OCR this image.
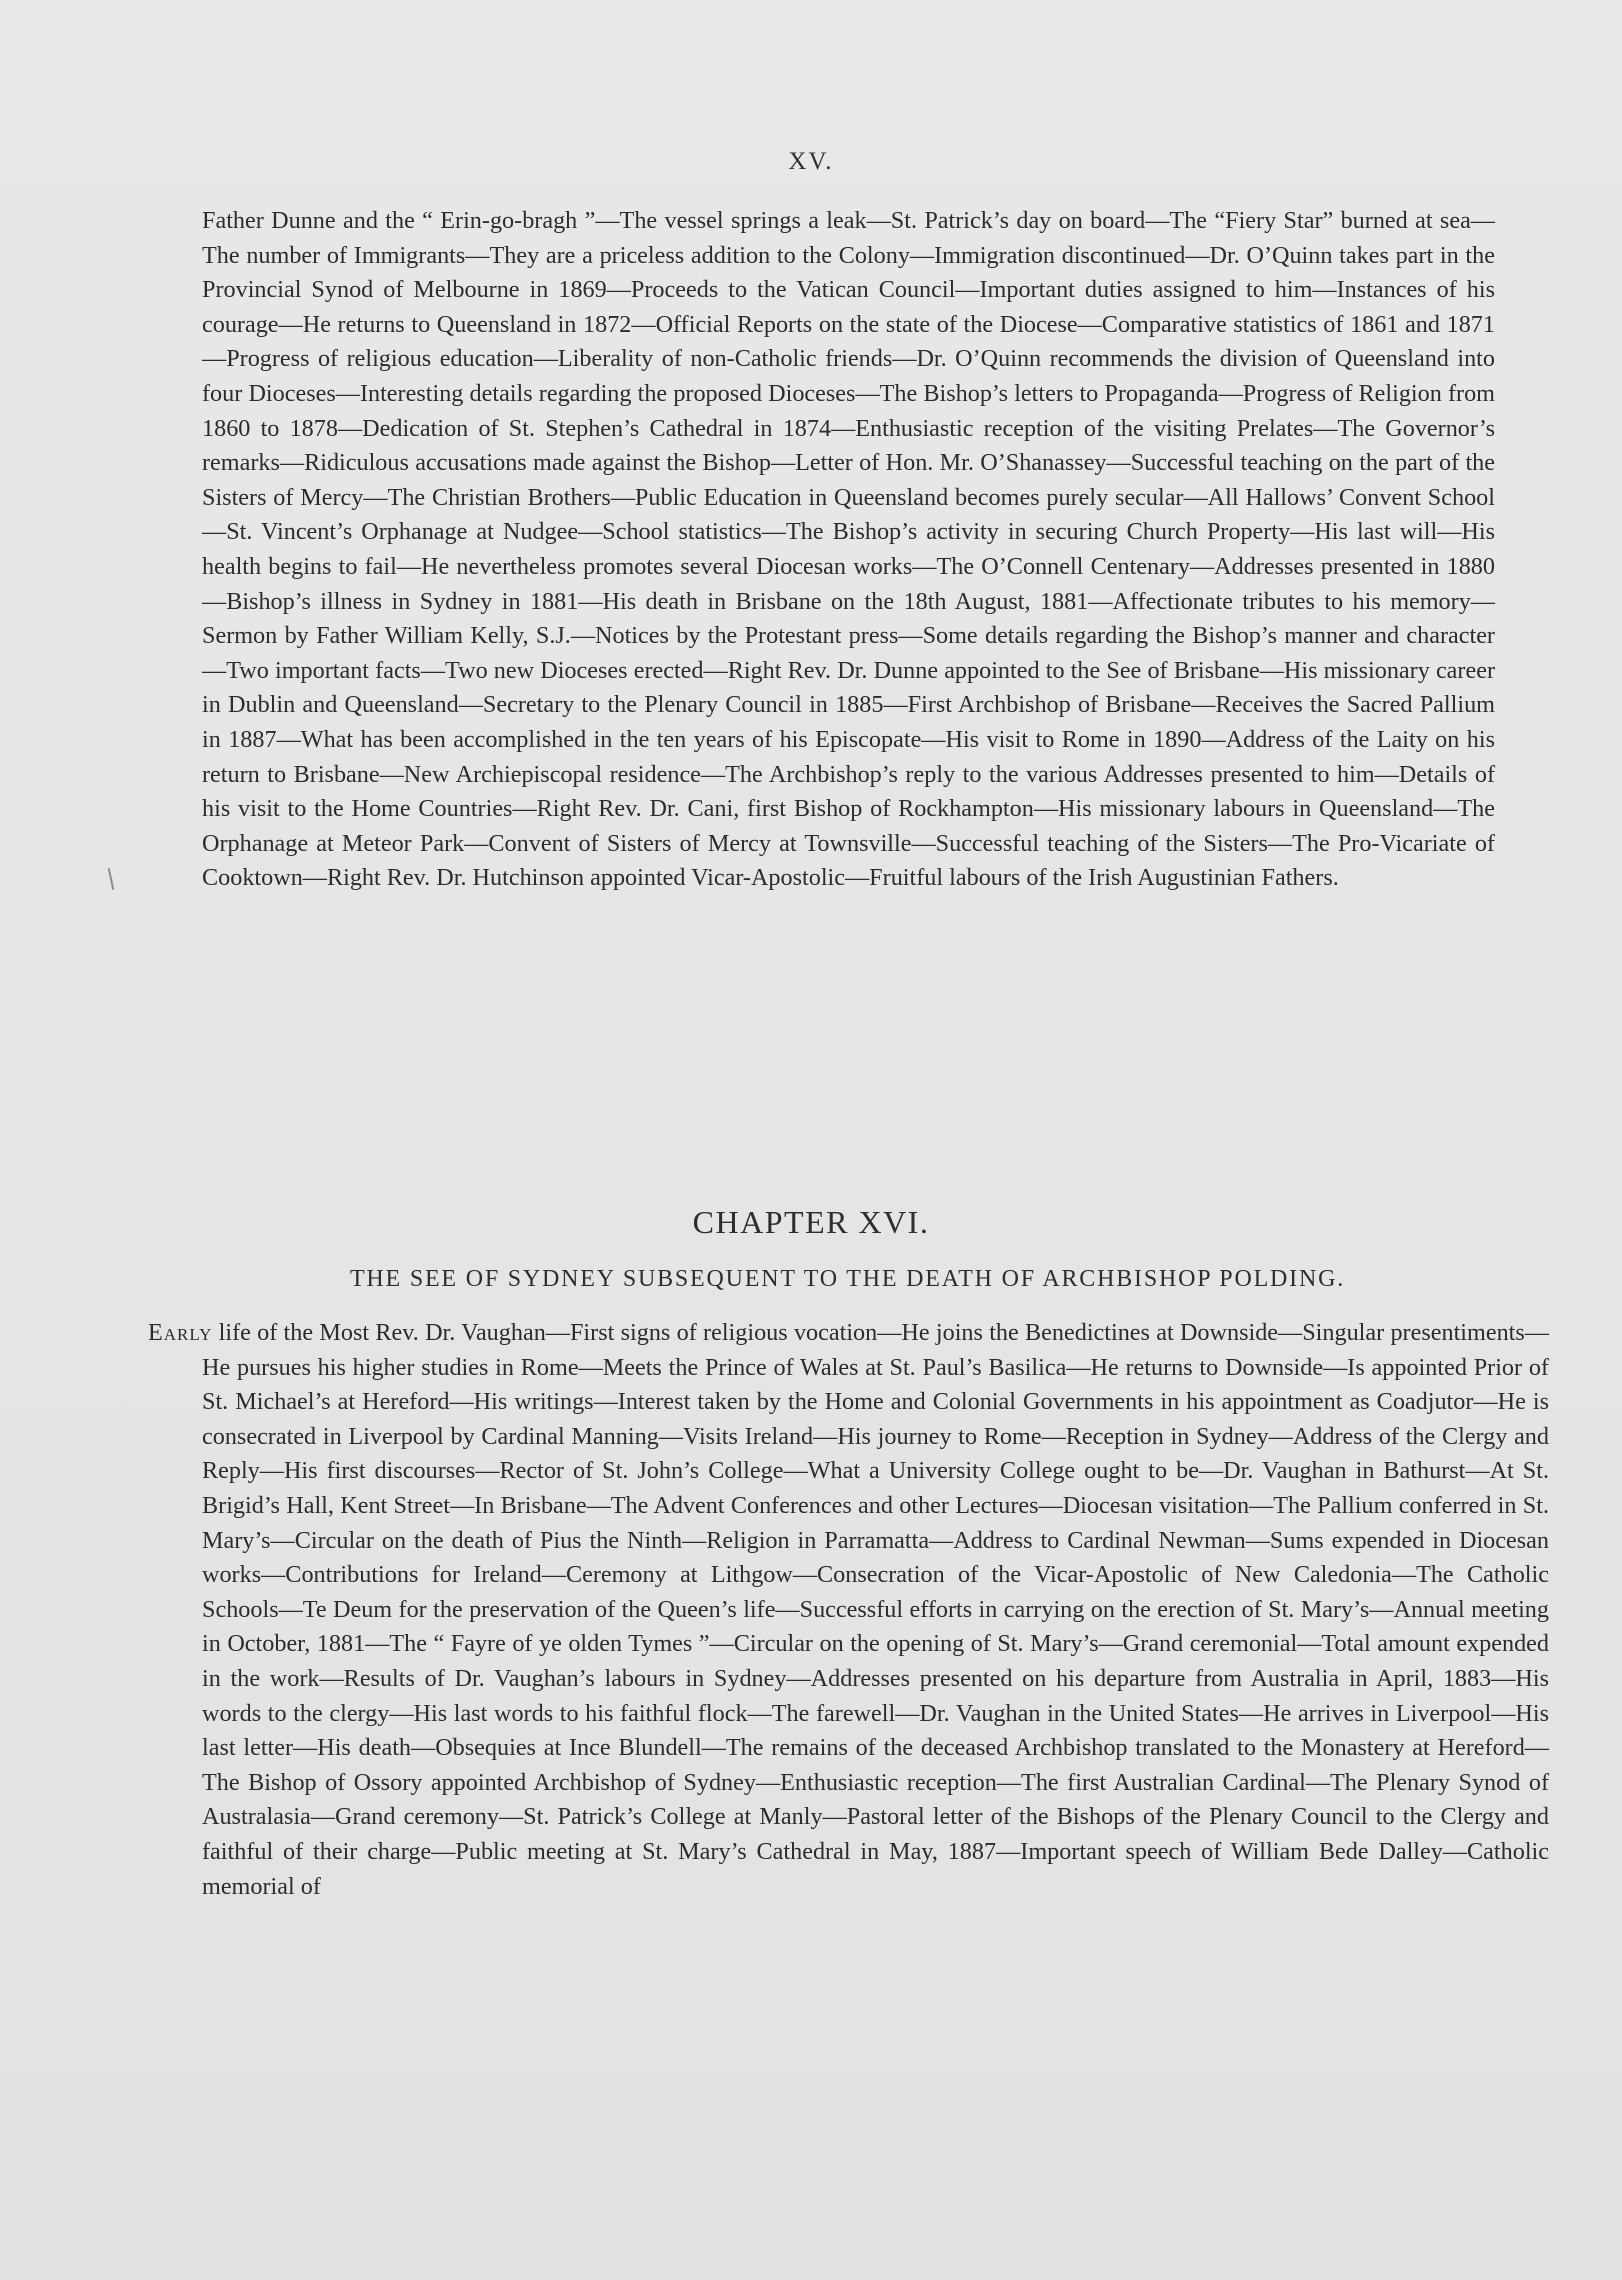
XV.

Father Dunne and the “ Erin-go-bragh ”—The vessel springs a leak—St. Patrick’s day on board—The “Fiery Star” burned at sea—The number of Immigrants—They are a priceless addition to the Colony—Immigration discontinued—Dr. O’Quinn takes part in the Provincial Synod of Melbourne in 1869—Proceeds to the Vatican Council—Important duties assigned to him—Instances of his courage—He returns to Queensland in 1872—Official Reports on the state of the Diocese—Comparative statistics of 1861 and 1871—Progress of religious education—Liberality of non-Catholic friends—Dr. O’Quinn recommends the division of Queensland into four Dioceses—Interesting details regarding the proposed Dioceses—The Bishop’s letters to Propaganda—Progress of Religion from 1860 to 1878—Dedication of St. Stephen’s Cathedral in 1874—Enthusiastic reception of the visiting Prelates—The Governor’s remarks—Ridiculous accusations made against the Bishop—Letter of Hon. Mr. O’Shanassey—Successful teaching on the part of the Sisters of Mercy—The Christian Brothers—Public Education in Queensland becomes purely secular—All Hallows’ Convent School—St. Vincent’s Orphanage at Nudgee—School statistics—The Bishop’s activity in securing Church Property—His last will—His health begins to fail—He nevertheless promotes several Diocesan works—The O’Connell Centenary—Addresses presented in 1880—Bishop’s illness in Sydney in 1881—His death in Brisbane on the 18th August, 1881—Affectionate tributes to his memory—Sermon by Father William Kelly, S.J.—Notices by the Protestant press—Some details regarding the Bishop’s manner and character—Two important facts—Two new Dioceses erected—Right Rev. Dr. Dunne appointed to the See of Brisbane—His missionary career in Dublin and Queensland—Secretary to the Plenary Council in 1885—First Archbishop of Brisbane—Receives the Sacred Pallium in 1887—What has been accomplished in the ten years of his Episcopate—His visit to Rome in 1890—Address of the Laity on his return to Brisbane—New Archiepiscopal residence—The Archbishop’s reply to the various Addresses presented to him—Details of his visit to the Home Countries—Right Rev. Dr. Cani, first Bishop of Rockhampton—His missionary labours in Queensland—The Orphanage at Meteor Park—Convent of Sisters of Mercy at Townsville—Successful teaching of the Sisters—The Pro-Vicariate of Cooktown—Right Rev. Dr. Hutchinson appointed Vicar-Apostolic—Fruitful labours of the Irish Augustinian Fathers.

CHAPTER XVI.
THE SEE OF SYDNEY SUBSEQUENT TO THE DEATH OF ARCHBISHOP POLDING.

Early life of the Most Rev. Dr. Vaughan—First signs of religious vocation—He joins the Benedictines at Downside—Singular presentiments—He pursues his higher studies in Rome—Meets the Prince of Wales at St. Paul’s Basilica—He returns to Downside—Is appointed Prior of St. Michael’s at Hereford—His writings—Interest taken by the Home and Colonial Governments in his appointment as Coadjutor—He is consecrated in Liverpool by Cardinal Manning—Visits Ireland—His journey to Rome—Reception in Sydney—Address of the Clergy and Reply—His first discourses—Rector of St. John’s College—What a University College ought to be—Dr. Vaughan in Bathurst—At St. Brigid’s Hall, Kent Street—In Brisbane—The Advent Conferences and other Lectures—Diocesan visitation—The Pallium conferred in St. Mary’s—Circular on the death of Pius the Ninth—Religion in Parramatta—Address to Cardinal Newman—Sums expended in Diocesan works—Contributions for Ireland—Ceremony at Lithgow—Consecration of the Vicar-Apostolic of New Caledonia—The Catholic Schools—Te Deum for the preservation of the Queen’s life—Successful efforts in carrying on the erection of St. Mary’s—Annual meeting in October, 1881—The “ Fayre of ye olden Tymes ”—Circular on the opening of St. Mary’s—Grand ceremonial—Total amount expended in the work—Results of Dr. Vaughan’s labours in Sydney—Addresses presented on his departure from Australia in April, 1883—His words to the clergy—His last words to his faithful flock—The farewell—Dr. Vaughan in the United States—He arrives in Liverpool—His last letter—His death—Obsequies at Ince Blundell—The remains of the deceased Archbishop translated to the Monastery at Hereford—The Bishop of Ossory appointed Archbishop of Sydney—Enthusiastic reception—The first Australian Cardinal—The Plenary Synod of Australasia—Grand ceremony—St. Patrick’s College at Manly—Pastoral letter of the Bishops of the Plenary Council to the Clergy and faithful of their charge—Public meeting at St. Mary’s Cathedral in May, 1887—Important speech of William Bede Dalley—Catholic memorial of
